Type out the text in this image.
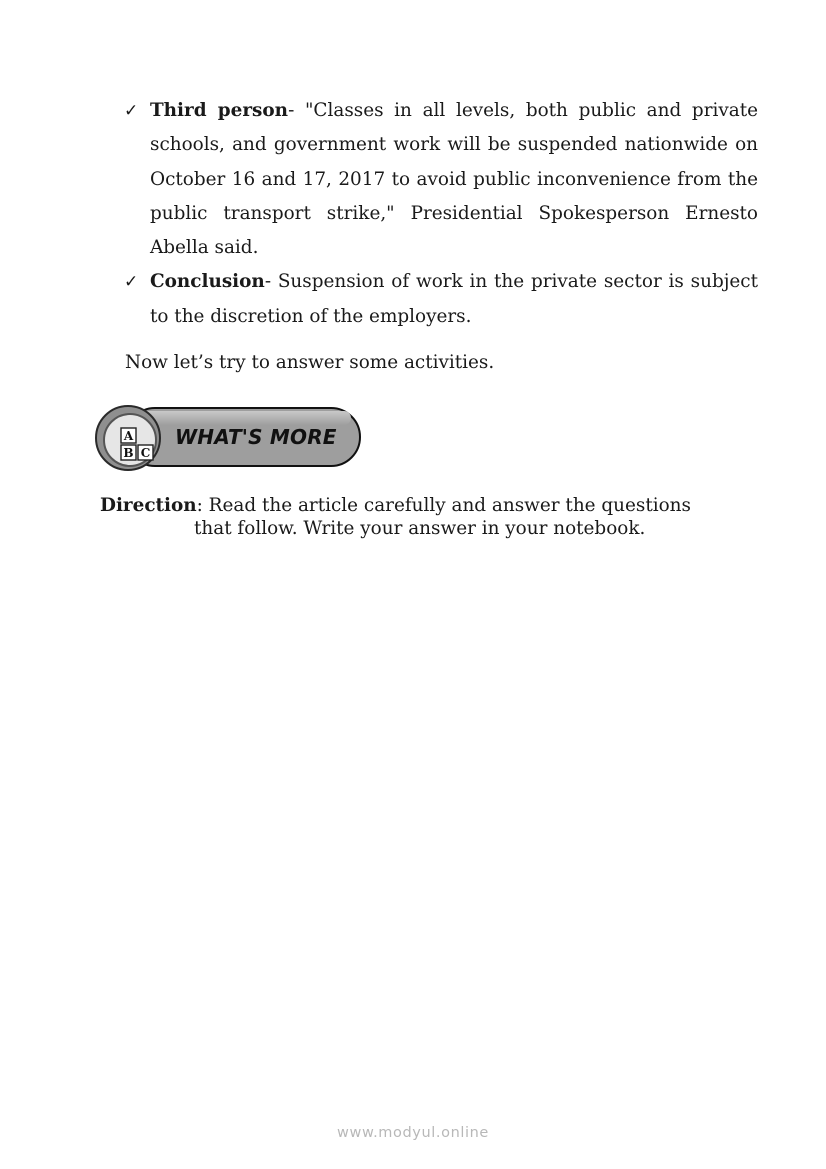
✓ Third person- "Classes in all levels, both public and private schools, and government work will be suspended nationwide on October 16 and 17, 2017 to avoid public inconvenience from the public transport strike," Presidential Spokesperson Ernesto Abella said.
✓ Conclusion- Suspension of work in the private sector is subject to the discretion of the employers.

Now let’s try to answer some activities.

A
B C
WHAT'S MORE

Direction: Read the article carefully and answer the questions
that follow. Write your answer in your notebook.

www.modyul.online
